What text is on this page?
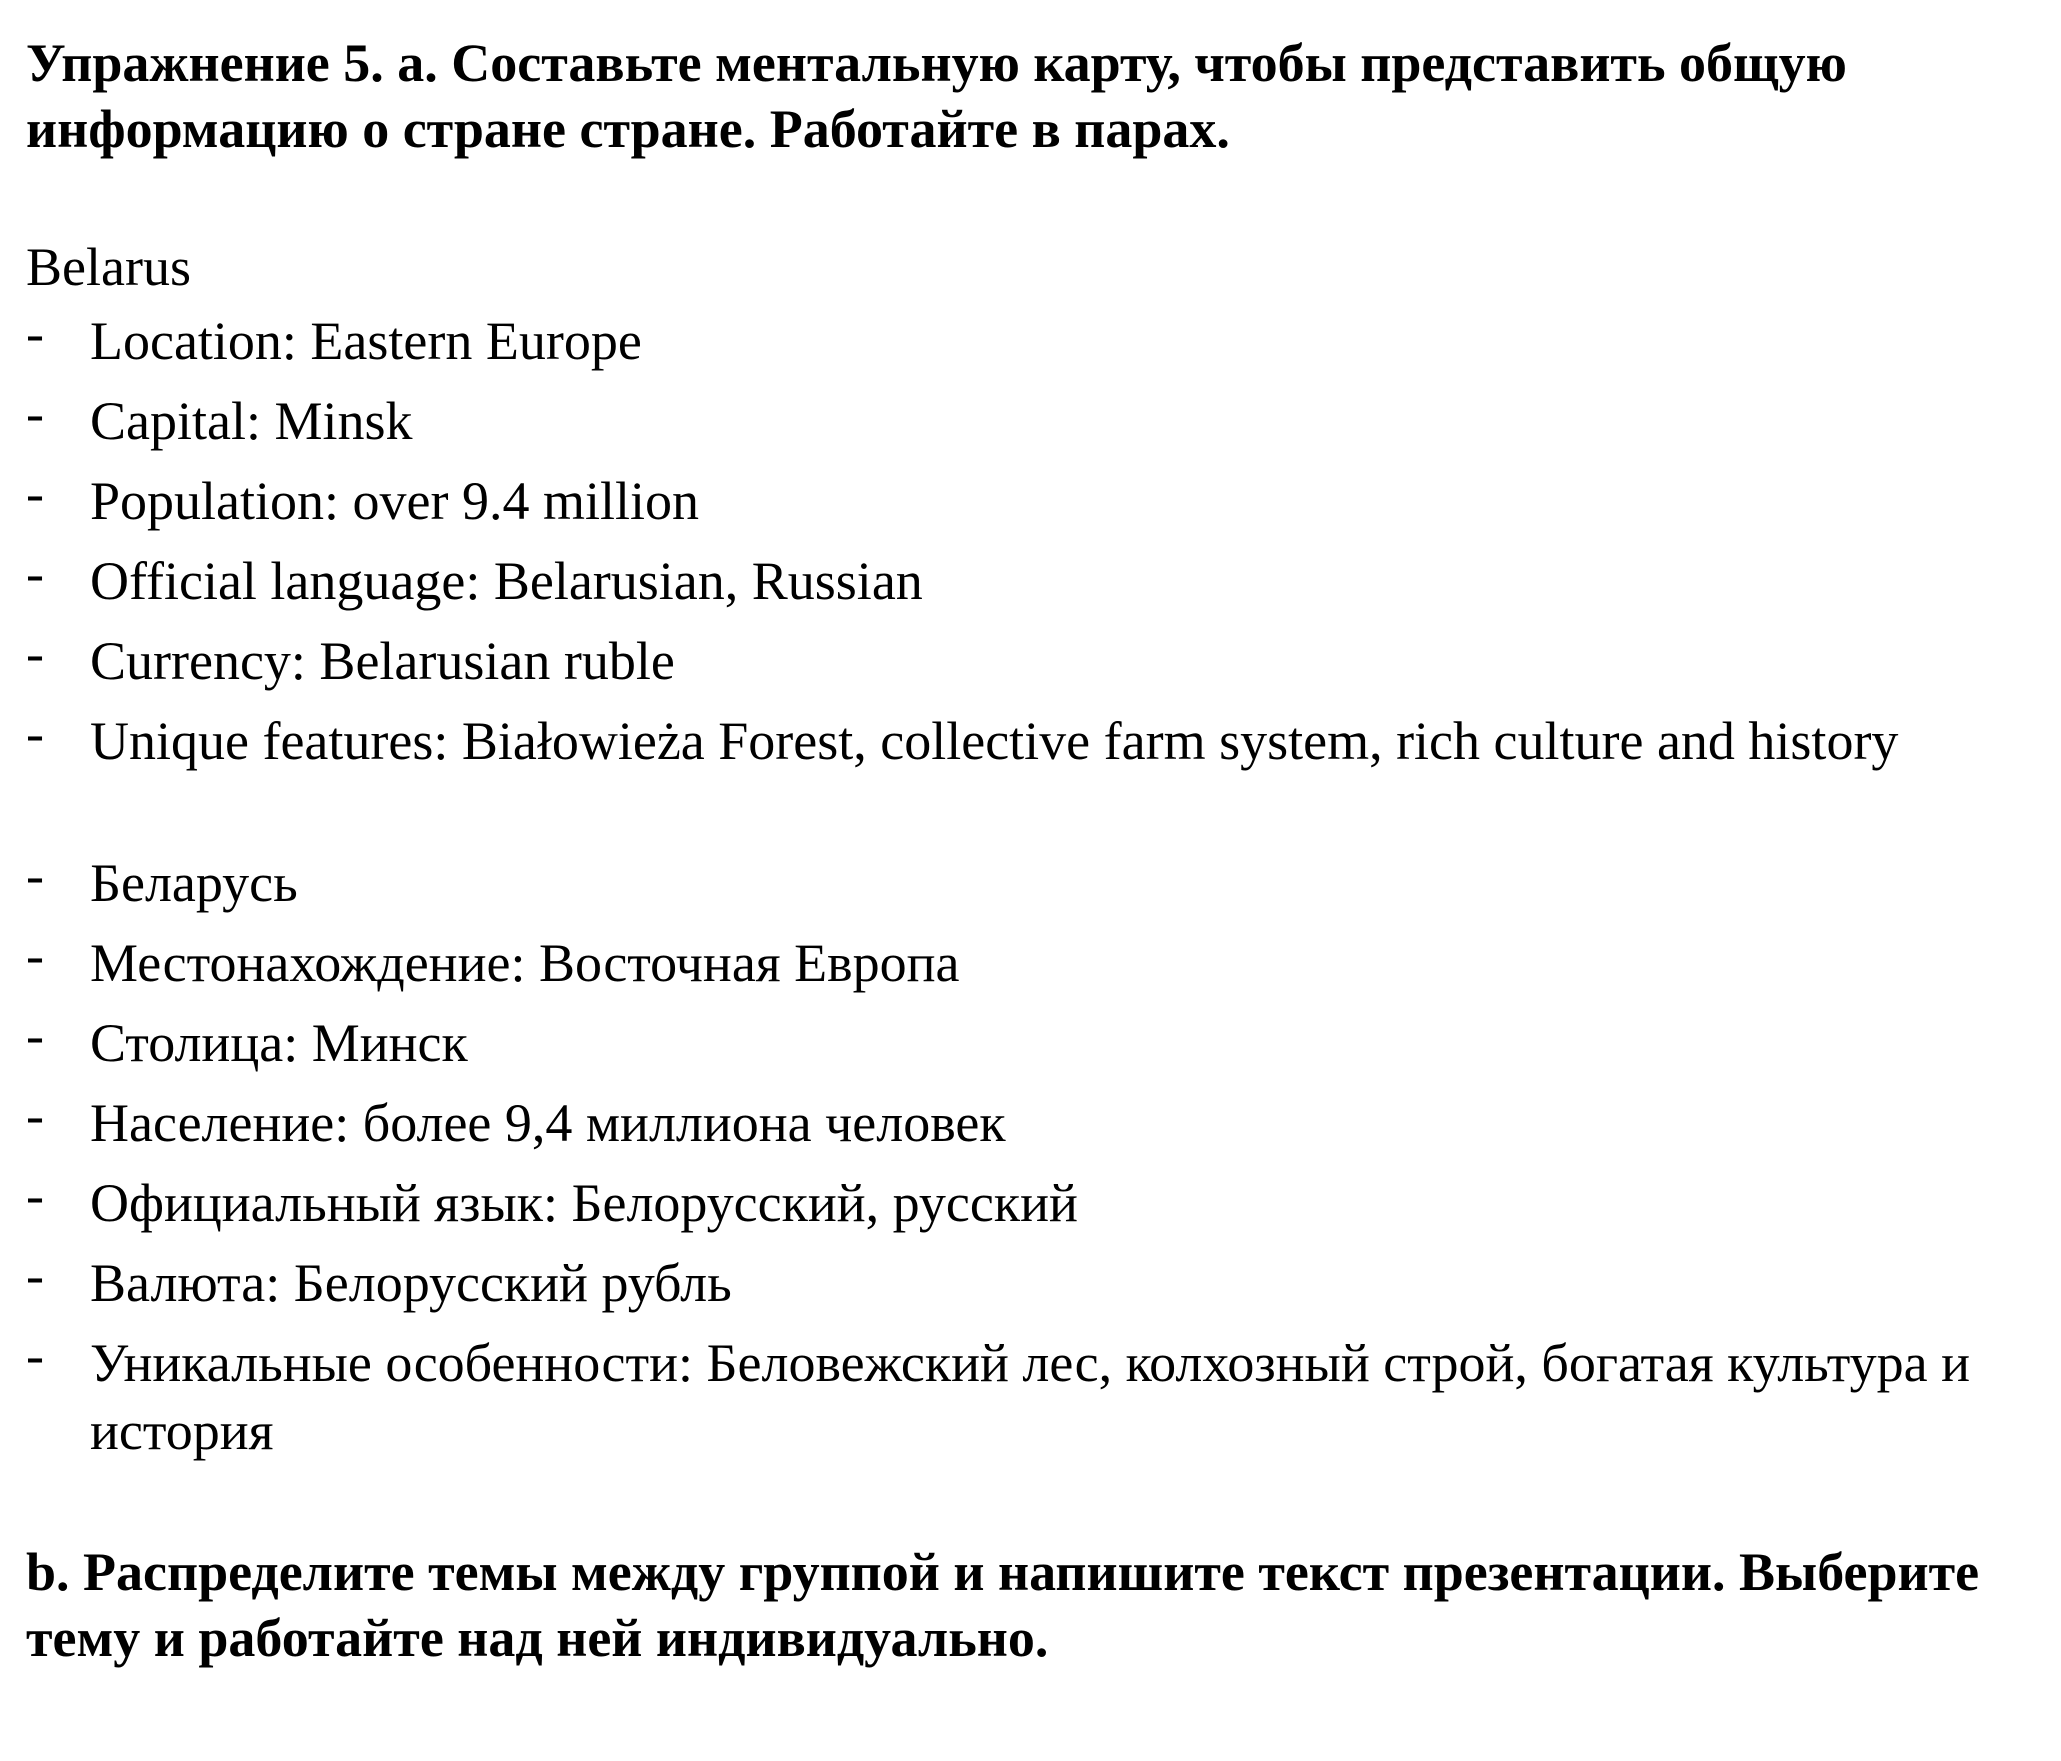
Упражнение 5. a. Составьте ментальную карту, чтобы представить общую информацию о стране стране. Работайте в парах.

Belarus

- Location: Eastern Europe
- Capital: Minsk
- Population: over 9.4 million
- Official language: Belarusian, Russian
- Currency: Belarusian ruble
- Unique features: Białowieża Forest, collective farm system, rich culture and history
- Беларусь
- Местонахождение: Восточная Европа
- Столица: Минск
- Население: более 9,4 миллиона человек
- Официальный язык: Белорусский, русский
- Валюта: Белорусский рубль
- Уникальные особенности: Беловежский лес, колхозный строй, богатая культура и история

b. Распределите темы между группой и напишите текст презентации. Выберите тему и работайте над ней индивидуально.
